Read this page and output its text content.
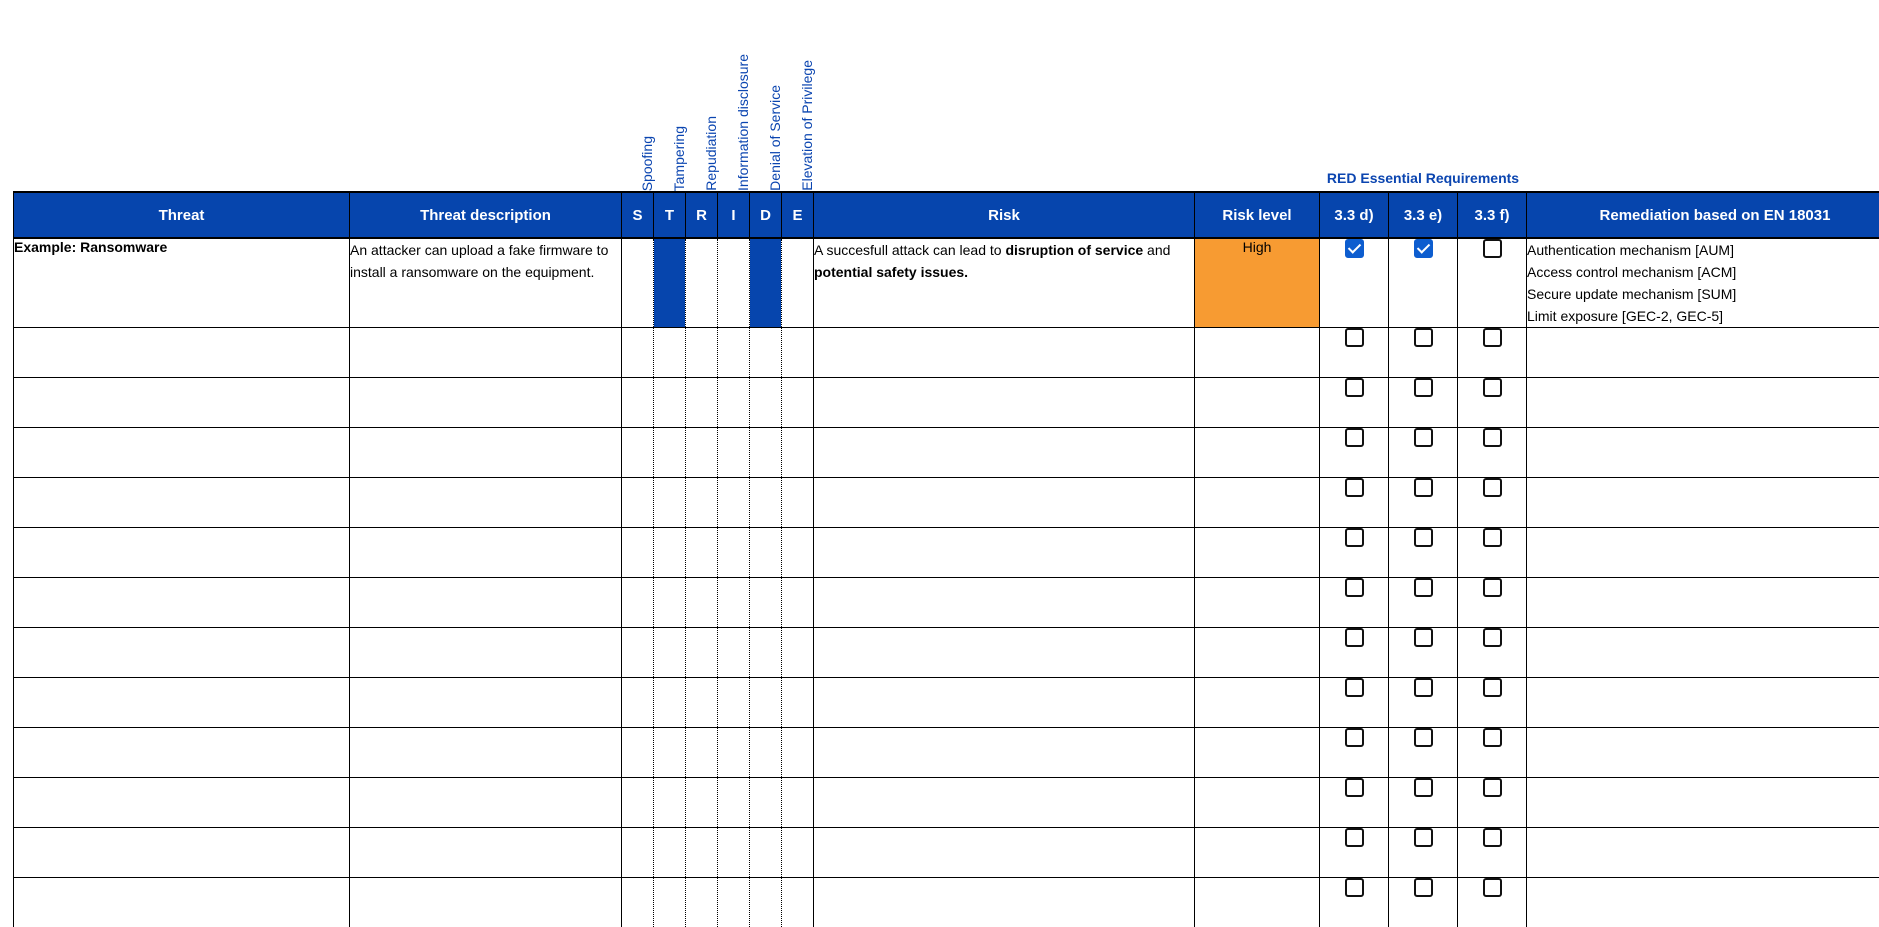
Spoofing Tampering Repudiation Information disclosure Denial of Service Elevation of Privilege	RED Essential Requirements
Threat	Threat description	S	T	R	I	D	E	Risk	Risk level	3.3 d)	3.3 e)	3.3 f)	Remediation based on EN 18031
Example: Ransomware	An attacker can upload a fake firmware to install a ransomware on the equipment.							A succesfull attack can lead to disruption of service and potential safety issues.	High				Authentication mechanism [AUM]
Access control mechanism [ACM]
Secure update mechanism [SUM]
Limit exposure [GEC-2, GEC-5]
